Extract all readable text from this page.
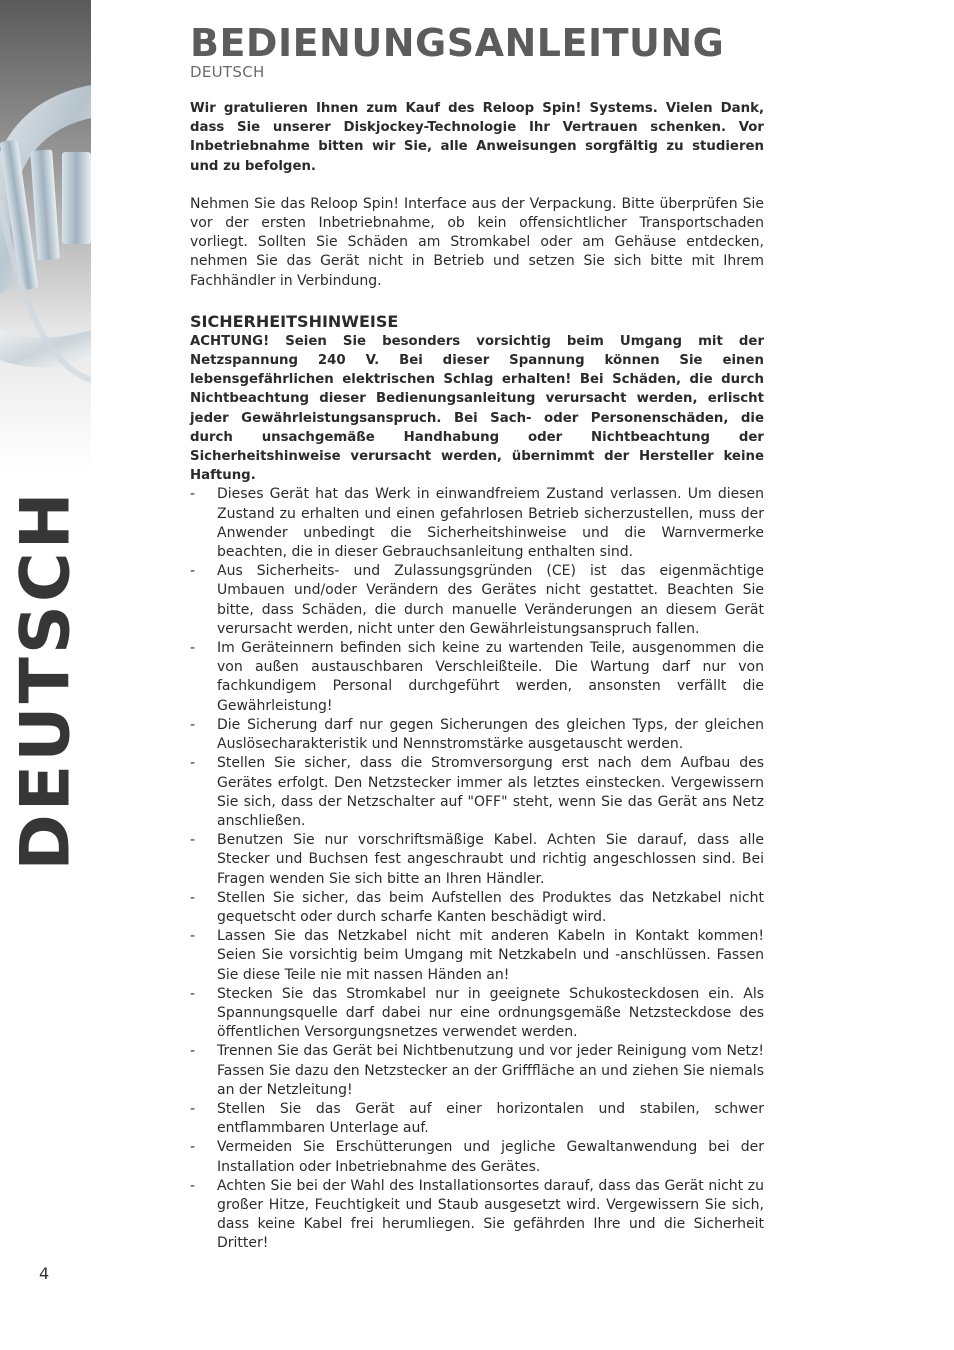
DEUTSCH
BEDIENUNGSANLEITUNG
DEUTSCH

Wir gratulieren Ihnen zum Kauf des Reloop Spin! Systems. Vielen Dank, dass Sie unserer Diskjockey-Technologie Ihr Vertrauen schenken. Vor Inbetriebnahme bitten wir Sie, alle Anweisungen sorgfältig zu studieren und zu befolgen.

Nehmen Sie das Reloop Spin! Interface aus der Verpackung. Bitte überprüfen Sie vor der ersten Inbetriebnahme, ob kein offensichtlicher Transportschaden vorliegt. Sollten Sie Schäden am Stromkabel oder am Gehäuse entdecken, nehmen Sie das Gerät nicht in Betrieb und setzen Sie sich bitte mit Ihrem Fachhändler in Verbindung.

SICHERHEITSHINWEISE

ACHTUNG! Seien Sie besonders vorsichtig beim Umgang mit der Netzspannung 240 V. Bei dieser Spannung können Sie einen lebensgefährlichen elektrischen Schlag erhalten! Bei Schäden, die durch Nichtbeachtung dieser Bedienungsanleitung verursacht werden, erlischt jeder Gewährleistungsanspruch. Bei Sach- oder Personenschäden, die durch unsachgemäße Handhabung oder Nichtbeachtung der Sicherheitshinweise verursacht werden, übernimmt der Hersteller keine Haftung.

- Dieses Gerät hat das Werk in einwandfreiem Zustand verlassen. Um diesen Zustand zu erhalten und einen gefahrlosen Betrieb sicherzustellen, muss der Anwender unbedingt die Sicherheitshinweise und die Warnvermerke beachten, die in dieser Gebrauchsanleitung enthalten sind.
- Aus Sicherheits- und Zulassungsgründen (CE) ist das eigenmächtige Umbauen und/oder Verändern des Gerätes nicht gestattet. Beachten Sie bitte, dass Schäden, die durch manuelle Veränderungen an diesem Gerät verursacht werden, nicht unter den Gewährleistungsanspruch fallen.
- Im Geräteinnern befinden sich keine zu wartenden Teile, ausgenommen die von außen austauschbaren Verschleißteile. Die Wartung darf nur von fachkundigem Personal durchgeführt werden, ansonsten verfällt die Gewährleistung!
- Die Sicherung darf nur gegen Sicherungen des gleichen Typs, der gleichen Auslösecharakteristik und Nennstromstärke ausgetauscht werden.
- Stellen Sie sicher, dass die Stromversorgung erst nach dem Aufbau des Gerätes erfolgt. Den Netzstecker immer als letztes einstecken. Vergewissern Sie sich, dass der Netzschalter auf "OFF" steht, wenn Sie das Gerät ans Netz anschließen.
- Benutzen Sie nur vorschriftsmäßige Kabel. Achten Sie darauf, dass alle Stecker und Buchsen fest angeschraubt und richtig angeschlossen sind. Bei Fragen wenden Sie sich bitte an Ihren Händler.
- Stellen Sie sicher, das beim Aufstellen des Produktes das Netzkabel nicht gequetscht oder durch scharfe Kanten beschädigt wird.
- Lassen Sie das Netzkabel nicht mit anderen Kabeln in Kontakt kommen! Seien Sie vorsichtig beim Umgang mit Netzkabeln und -anschlüssen. Fassen Sie diese Teile nie mit nassen Händen an!
- Stecken Sie das Stromkabel nur in geeignete Schukosteckdosen ein. Als Spannungsquelle darf dabei nur eine ordnungsgemäße Netzsteckdose des öffentlichen Versorgungsnetzes verwendet werden.
- Trennen Sie das Gerät bei Nichtbenutzung und vor jeder Reinigung vom Netz! Fassen Sie dazu den Netzstecker an der Grifffläche an und ziehen Sie niemals an der Netzleitung!
- Stellen Sie das Gerät auf einer horizontalen und stabilen, schwer entflammbaren Unterlage auf.
- Vermeiden Sie Erschütterungen und jegliche Gewaltanwendung bei der Installation oder Inbetriebnahme des Gerätes.
- Achten Sie bei der Wahl des Installationsortes darauf, dass das Gerät nicht zu großer Hitze, Feuchtigkeit und Staub ausgesetzt wird. Vergewissern Sie sich, dass keine Kabel frei herumliegen. Sie gefährden Ihre und die Sicherheit Dritter!
4
